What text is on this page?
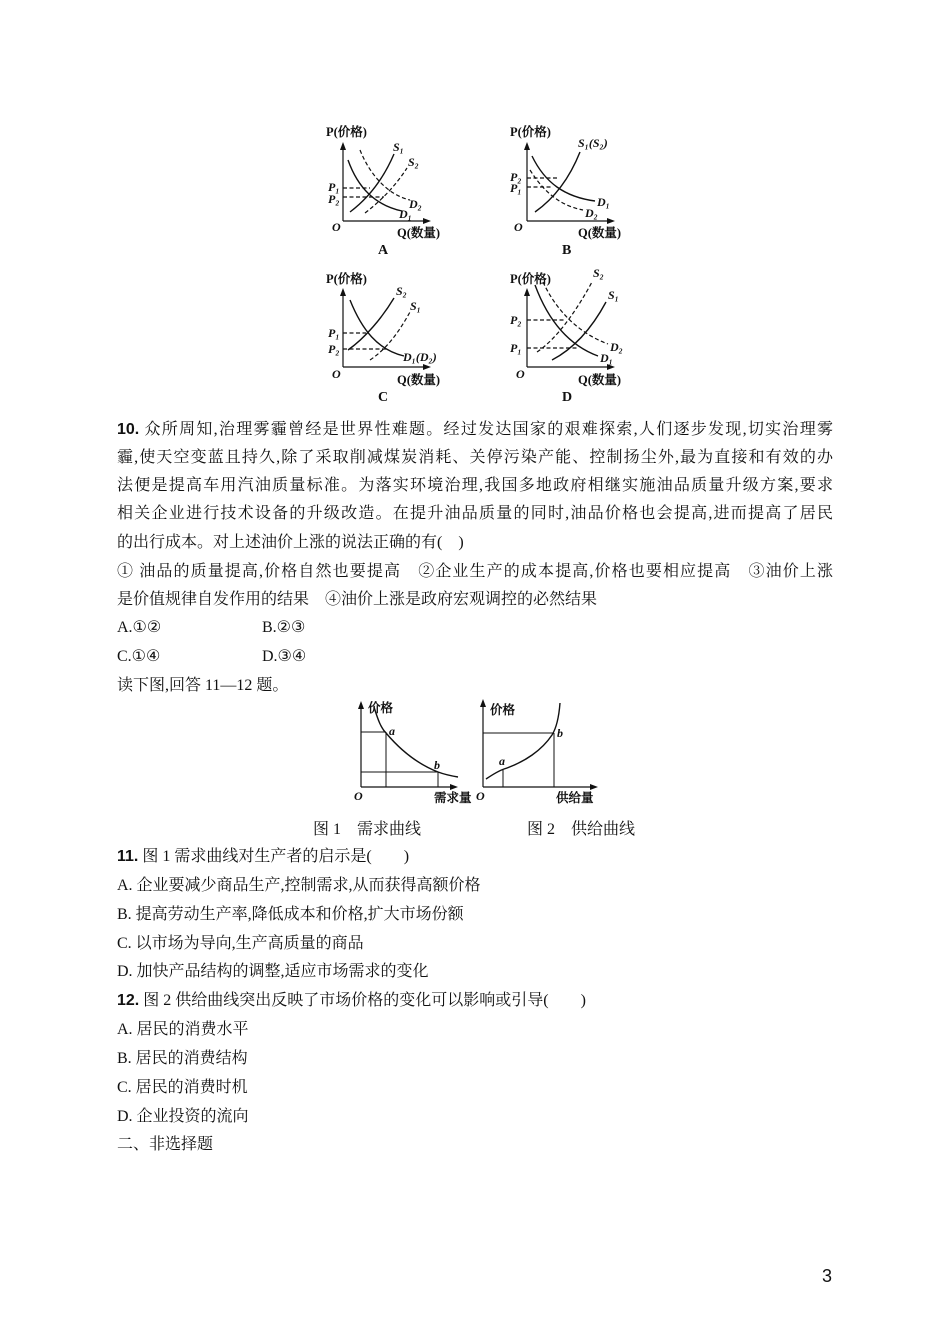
P(价格)
O	Q(数量)
A
S₁
S₂
D₂
D₁
P₁
P₂
P(价格)
O	Q(数量)
B
S₁(S₂)
P₂
P₁
D₁
D₂
P(价格)
O	Q(数量)
C
S₂
S₁
P₁
P₂
D₁(D₂)
P(价格)
O	Q(数量)
D
S₂
S₁
P₂
P₁	D₂
D₁
10. 众所周知,治理雾霾曾经是世界性难题。经过发达国家的艰难探索,人们逐步发现,切实治理雾
霾,使天空变蓝且持久,除了采取削减煤炭消耗、关停污染产能、控制扬尘外,最为直接和有效的办
法便是提高车用汽油质量标准。为落实环境治理,我国多地政府相继实施油品质量升级方案,要求
相关企业进行技术设备的升级改造。在提升油品质量的同时,油品价格也会提高,进而提高了居民
的出行成本。对上述油价上涨的说法正确的有(　)
① 油品的质量提高,价格自然也要提高　②企业生产的成本提高,价格也要相应提高　③油价上涨
是价值规律自发作用的结果　④油价上涨是政府宏观调控的必然结果
A.①②	B.②③
C.①④	D.③④
读下图,回答 11—12 题。
价格
a
b
O	需求量
价格
a
b
O	供给量
图 1　需求曲线	图 2　供给曲线
11. 图 1 需求曲线对生产者的启示是(　　)
A. 企业要减少商品生产,控制需求,从而获得高额价格
B. 提高劳动生产率,降低成本和价格,扩大市场份额
C. 以市场为导向,生产高质量的商品
D. 加快产品结构的调整,适应市场需求的变化
12. 图 2 供给曲线突出反映了市场价格的变化可以影响或引导(　　)
A. 居民的消费水平
B. 居民的消费结构
C. 居民的消费时机
D. 企业投资的流向
二、非选择题
3
